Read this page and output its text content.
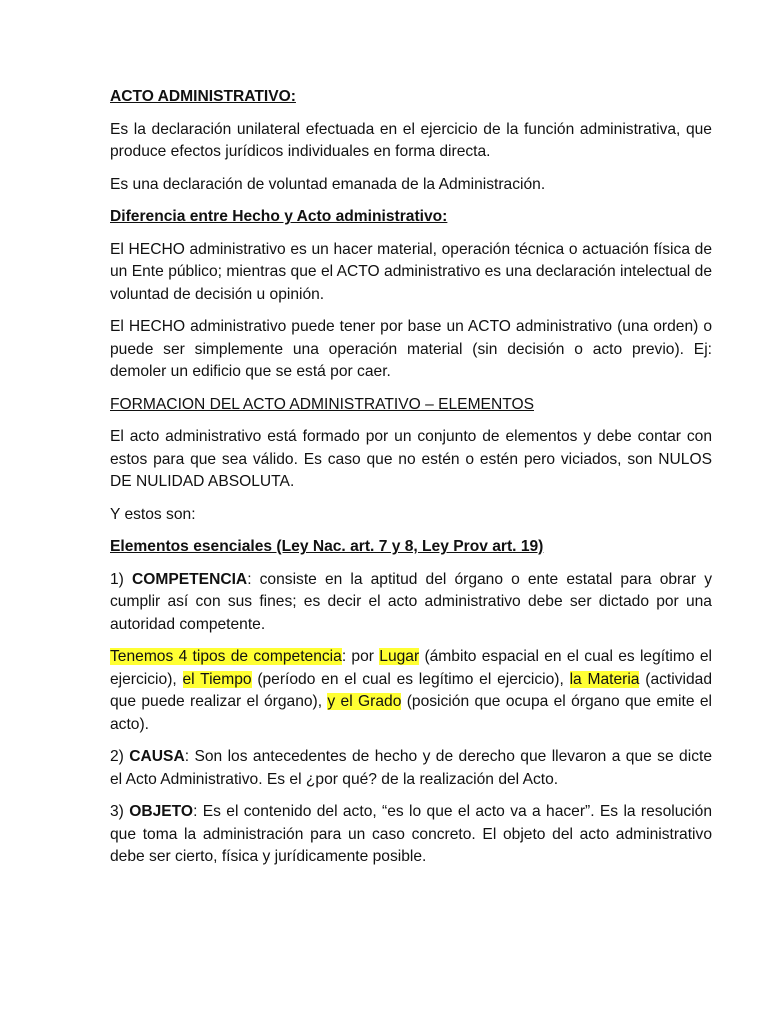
ACTO ADMINISTRATIVO:

Es la declaración unilateral efectuada en el ejercicio de la función administrativa, que produce efectos jurídicos individuales en forma directa.

Es una declaración de voluntad emanada de la Administración.

Diferencia entre Hecho y Acto administrativo:

El HECHO administrativo es un hacer material, operación técnica o actuación física de un Ente público; mientras que el ACTO administrativo es una declaración intelectual de voluntad de decisión u opinión.

El HECHO administrativo puede tener por base un ACTO administrativo (una orden) o puede ser simplemente una operación material (sin decisión o acto previo). Ej: demoler un edificio que se está por caer.

FORMACION DEL ACTO ADMINISTRATIVO – ELEMENTOS

El acto administrativo está formado por un conjunto de elementos y debe contar con estos para que sea válido. Es caso que no estén o estén pero viciados, son NULOS DE NULIDAD ABSOLUTA.

Y estos son:

Elementos esenciales (Ley Nac. art. 7 y 8, Ley Prov art. 19)

1) COMPETENCIA: consiste en la aptitud del órgano o ente estatal para obrar y cumplir así con sus fines; es decir el acto administrativo debe ser dictado por una autoridad competente.

Tenemos 4 tipos de competencia: por Lugar (ámbito espacial en el cual es legítimo el ejercicio), el Tiempo (período en el cual es legítimo el ejercicio), la Materia (actividad que puede realizar el órgano), y el Grado (posición que ocupa el órgano que emite el acto).

2) CAUSA: Son los antecedentes de hecho y de derecho que llevaron a que se dicte el Acto Administrativo. Es el ¿por qué? de la realización del Acto.

3) OBJETO: Es el contenido del acto, “es lo que el acto va a hacer”. Es la resolución que toma la administración para un caso concreto. El objeto del acto administrativo debe ser cierto, física y jurídicamente posible.
